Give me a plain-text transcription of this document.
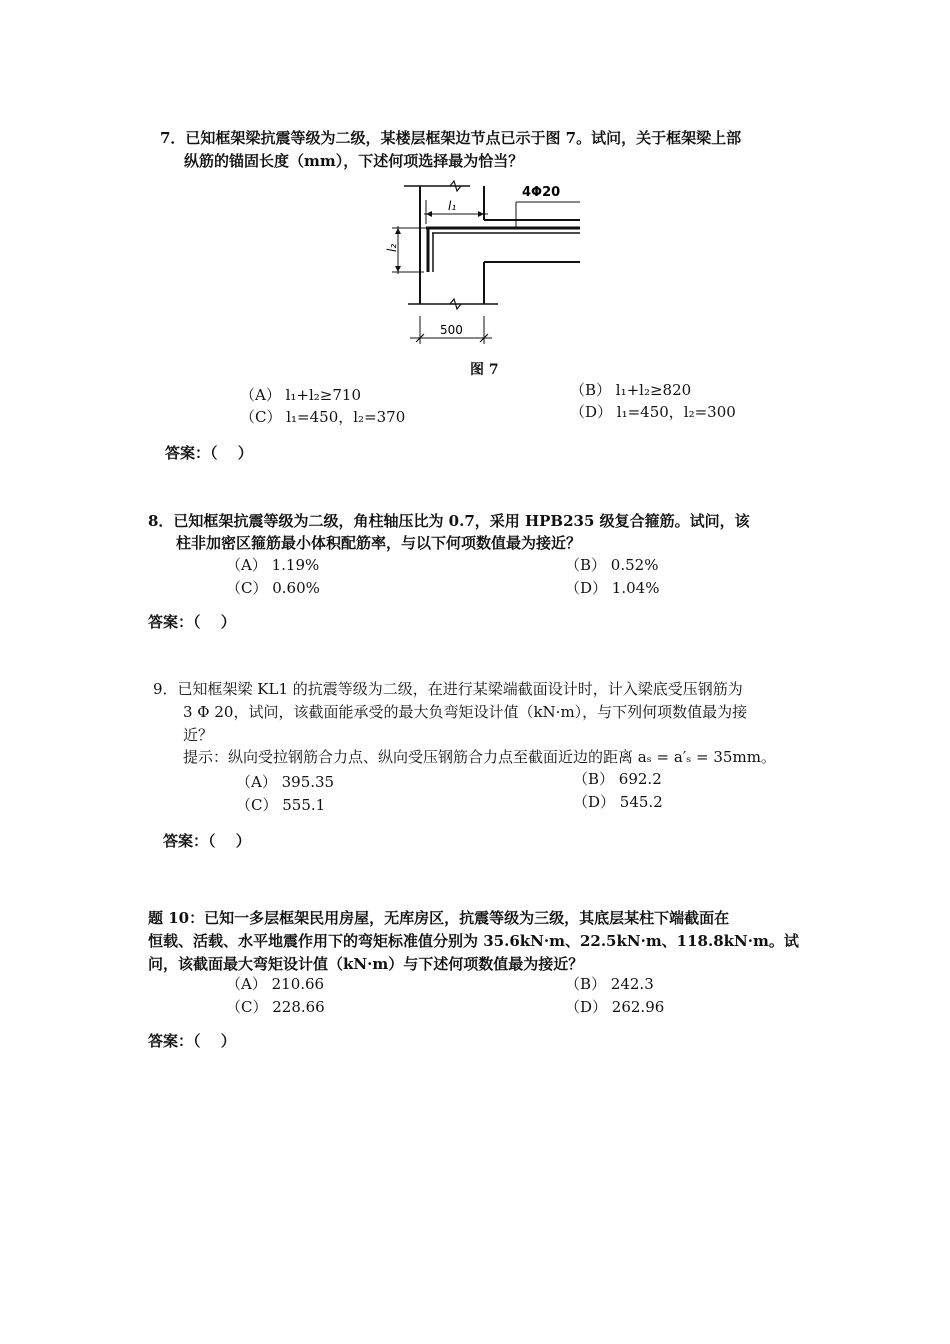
7．已知框架梁抗震等级为二级，某楼层框架边节点已示于图 7。试问，关于框架梁上部
纵筋的锚固长度（mm），下述何项选择最为恰当？
4Φ20
l₁
l₂
500
图 7
（A） l₁+l₂≥710	（B） l₁+l₂≥820
（C） l₁=450，l₂=370	（D） l₁=450，l₂=300
答案：（　 ）
8．已知框架抗震等级为二级，角柱轴压比为 0.7，采用 HPB235 级复合箍筋。试问，该
柱非加密区箍筋最小体积配筋率，与以下何项数值最为接近？
（A） 1.19%	（B） 0.52%
（C） 0.60%	（D） 1.04%
答案：（　 ）
9．已知框架梁 KL1 的抗震等级为二级，在进行某梁端截面设计时，计入梁底受压钢筋为
3 Φ 20，试问，该截面能承受的最大负弯矩设计值（kN·m），与下列何项数值最为接
近？
提示：纵向受拉钢筋合力点、纵向受压钢筋合力点至截面近边的距离 aₛ = a′ₛ = 35mm。
（A） 395.35	（B） 692.2
（C） 555.1	（D） 545.2
答案：（　 ）
题 10：已知一多层框架民用房屋，无库房区，抗震等级为三级，其底层某柱下端截面在
恒载、活载、水平地震作用下的弯矩标准值分别为 35.6kN·m、22.5kN·m、118.8kN·m。试
问，该截面最大弯矩设计值（kN·m）与下述何项数值最为接近？
（A） 210.66	（B） 242.3
（C） 228.66	（D） 262.96
答案：（　 ）
